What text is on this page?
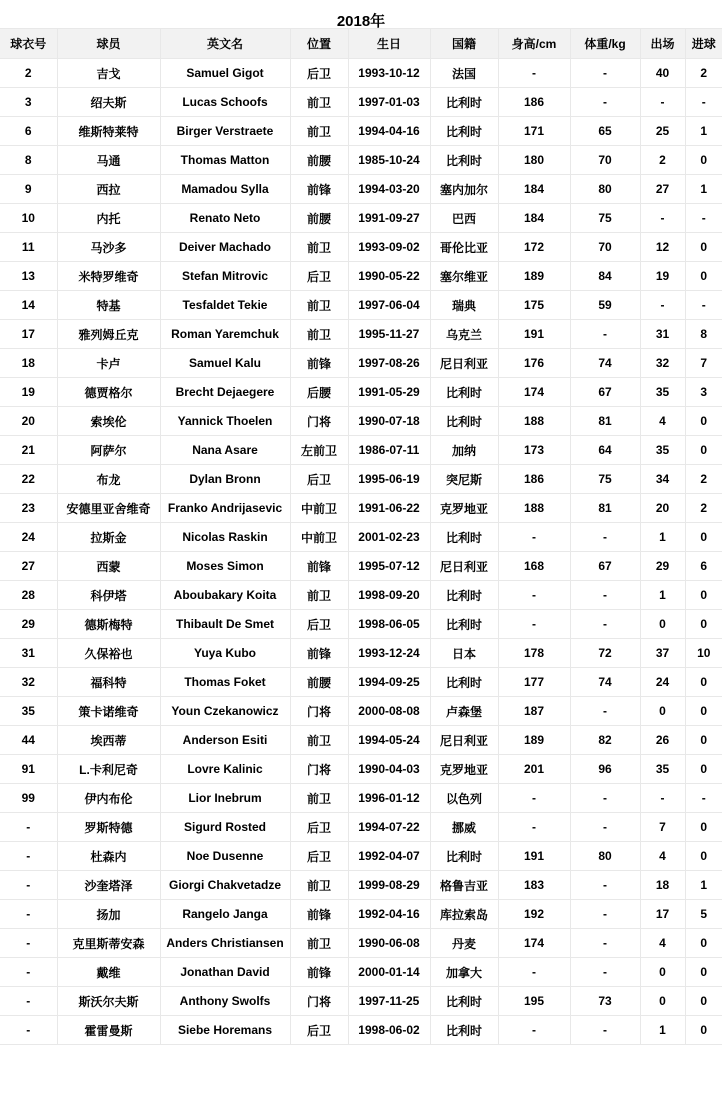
2018年
球衣号	球员	英文名	位置	生日	国籍	身高/cm	体重/kg	出场	进球
2	吉戈	Samuel Gigot	后卫	1993-10-12	法国	-	-	40	2
3	绍夫斯	Lucas Schoofs	前卫	1997-01-03	比利时	186	-	-	-
6	维斯特莱特	Birger Verstraete	前卫	1994-04-16	比利时	171	65	25	1
8	马通	Thomas Matton	前腰	1985-10-24	比利时	180	70	2	0
9	西拉	Mamadou Sylla	前锋	1994-03-20	塞内加尔	184	80	27	1
10	内托	Renato Neto	前腰	1991-09-27	巴西	184	75	-	-
11	马沙多	Deiver Machado	前卫	1993-09-02	哥伦比亚	172	70	12	0
13	米特罗维奇	Stefan Mitrovic	后卫	1990-05-22	塞尔维亚	189	84	19	0
14	特基	Tesfaldet Tekie	前卫	1997-06-04	瑞典	175	59	-	-
17	雅列姆丘克	Roman Yaremchuk	前卫	1995-11-27	乌克兰	191	-	31	8
18	卡卢	Samuel Kalu	前锋	1997-08-26	尼日利亚	176	74	32	7
19	德贾格尔	Brecht Dejaegere	后腰	1991-05-29	比利时	174	67	35	3
20	索埃伦	Yannick Thoelen	门将	1990-07-18	比利时	188	81	4	0
21	阿萨尔	Nana Asare	左前卫	1986-07-11	加纳	173	64	35	0
22	布龙	Dylan Bronn	后卫	1995-06-19	突尼斯	186	75	34	2
23	安德里亚舍维奇	Franko Andrijasevic	中前卫	1991-06-22	克罗地亚	188	81	20	2
24	拉斯金	Nicolas Raskin	中前卫	2001-02-23	比利时	-	-	1	0
27	西蒙	Moses Simon	前锋	1995-07-12	尼日利亚	168	67	29	6
28	科伊塔	Aboubakary Koita	前卫	1998-09-20	比利时	-	-	1	0
29	德斯梅特	Thibault De Smet	后卫	1998-06-05	比利时	-	-	0	0
31	久保裕也	Yuya Kubo	前锋	1993-12-24	日本	178	72	37	10
32	福科特	Thomas Foket	前腰	1994-09-25	比利时	177	74	24	0
35	策卡诺维奇	Youn Czekanowicz	门将	2000-08-08	卢森堡	187	-	0	0
44	埃西蒂	Anderson Esiti	前卫	1994-05-24	尼日利亚	189	82	26	0
91	L.卡利尼奇	Lovre Kalinic	门将	1990-04-03	克罗地亚	201	96	35	0
99	伊内布伦	Lior Inebrum	前卫	1996-01-12	以色列	-	-	-	-
-	罗斯特德	Sigurd Rosted	后卫	1994-07-22	挪威	-	-	7	0
-	杜森内	Noe Dusenne	后卫	1992-04-07	比利时	191	80	4	0
-	沙奎塔泽	Giorgi Chakvetadze	前卫	1999-08-29	格鲁吉亚	183	-	18	1
-	扬加	Rangelo Janga	前锋	1992-04-16	库拉索岛	192	-	17	5
-	克里斯蒂安森	Anders Christiansen	前卫	1990-06-08	丹麦	174	-	4	0
-	戴维	Jonathan David	前锋	2000-01-14	加拿大	-	-	0	0
-	斯沃尔夫斯	Anthony Swolfs	门将	1997-11-25	比利时	195	73	0	0
-	霍雷曼斯	Siebe Horemans	后卫	1998-06-02	比利时	-	-	1	0
